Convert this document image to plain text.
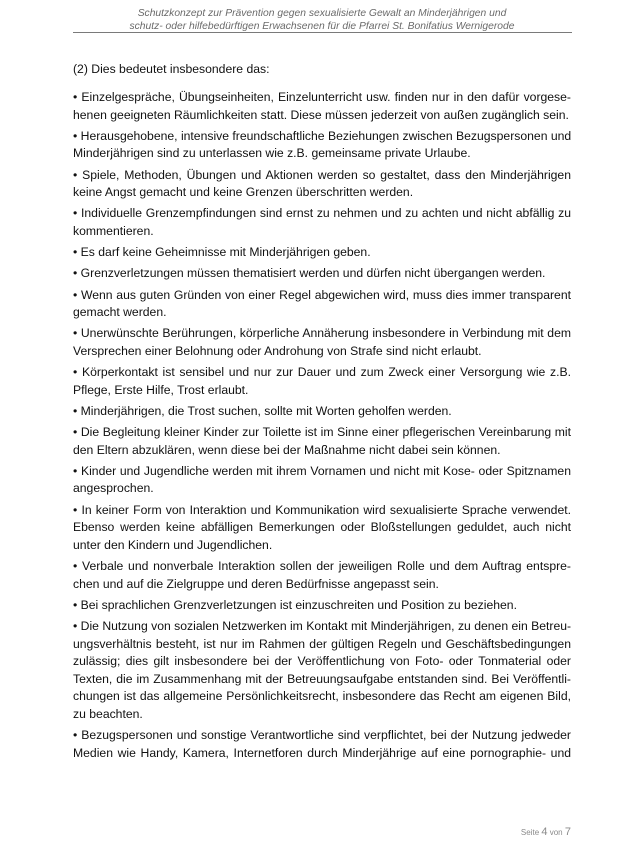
Schutzkonzept zur Prävention gegen sexualisierte Gewalt an Minderjährigen und
schutz- oder hilfebedürftigen Erwachsenen für die Pfarrei St. Bonifatius Wernigerode
(2) Dies bedeutet insbesondere das:
• Einzelgespräche, Übungseinheiten, Einzelunterricht usw. finden nur in den dafür vorgese-
henen geeigneten Räumlichkeiten statt. Diese müssen jederzeit von außen zugänglich sein.
• Herausgehobene, intensive freundschaftliche Beziehungen zwischen Bezugspersonen und
Minderjährigen sind zu unterlassen wie z.B. gemeinsame private Urlaube.
• Spiele, Methoden, Übungen und Aktionen werden so gestaltet, dass den Minderjährigen
keine Angst gemacht und keine Grenzen überschritten werden.
• Individuelle Grenzempfindungen sind ernst zu nehmen und zu achten und nicht abfällig zu
kommentieren.
• Es darf keine Geheimnisse mit Minderjährigen geben.
• Grenzverletzungen müssen thematisiert werden und dürfen nicht übergangen werden.
• Wenn aus guten Gründen von einer Regel abgewichen wird, muss dies immer transparent
gemacht werden.
• Unerwünschte Berührungen, körperliche Annäherung insbesondere in Verbindung mit dem
Versprechen einer Belohnung oder Androhung von Strafe sind nicht erlaubt.
• Körperkontakt ist sensibel und nur zur Dauer und zum Zweck einer Versorgung wie z.B.
Pflege, Erste Hilfe, Trost erlaubt.
• Minderjährigen, die Trost suchen, sollte mit Worten geholfen werden.
• Die Begleitung kleiner Kinder zur Toilette ist im Sinne einer pflegerischen Vereinbarung mit
den Eltern abzuklären, wenn diese bei der Maßnahme nicht dabei sein können.
• Kinder und Jugendliche werden mit ihrem Vornamen und nicht mit Kose- oder Spitznamen
angesprochen.
• In keiner Form von Interaktion und Kommunikation wird sexualisierte Sprache verwendet.
Ebenso werden keine abfälligen Bemerkungen oder Bloßstellungen geduldet, auch nicht
unter den Kindern und Jugendlichen.
• Verbale und nonverbale Interaktion sollen der jeweiligen Rolle und dem Auftrag entspre-
chen und auf die Zielgruppe und deren Bedürfnisse angepasst sein.
• Bei sprachlichen Grenzverletzungen ist einzuschreiten und Position zu beziehen.
• Die Nutzung von sozialen Netzwerken im Kontakt mit Minderjährigen, zu denen ein Betreu-
ungsverhältnis besteht, ist nur im Rahmen der gültigen Regeln und Geschäftsbedingungen
zulässig; dies gilt insbesondere bei der Veröffentlichung von Foto- oder Tonmaterial oder
Texten, die im Zusammenhang mit der Betreuungsaufgabe entstanden sind. Bei Veröffentli-
chungen ist das allgemeine Persönlichkeitsrecht, insbesondere das Recht am eigenen Bild,
zu beachten.
• Bezugspersonen und sonstige Verantwortliche sind verpflichtet, bei der Nutzung jedweder
Medien wie Handy, Kamera, Internetforen durch Minderjährige auf eine pornographie- und
Seite 4 von 7
